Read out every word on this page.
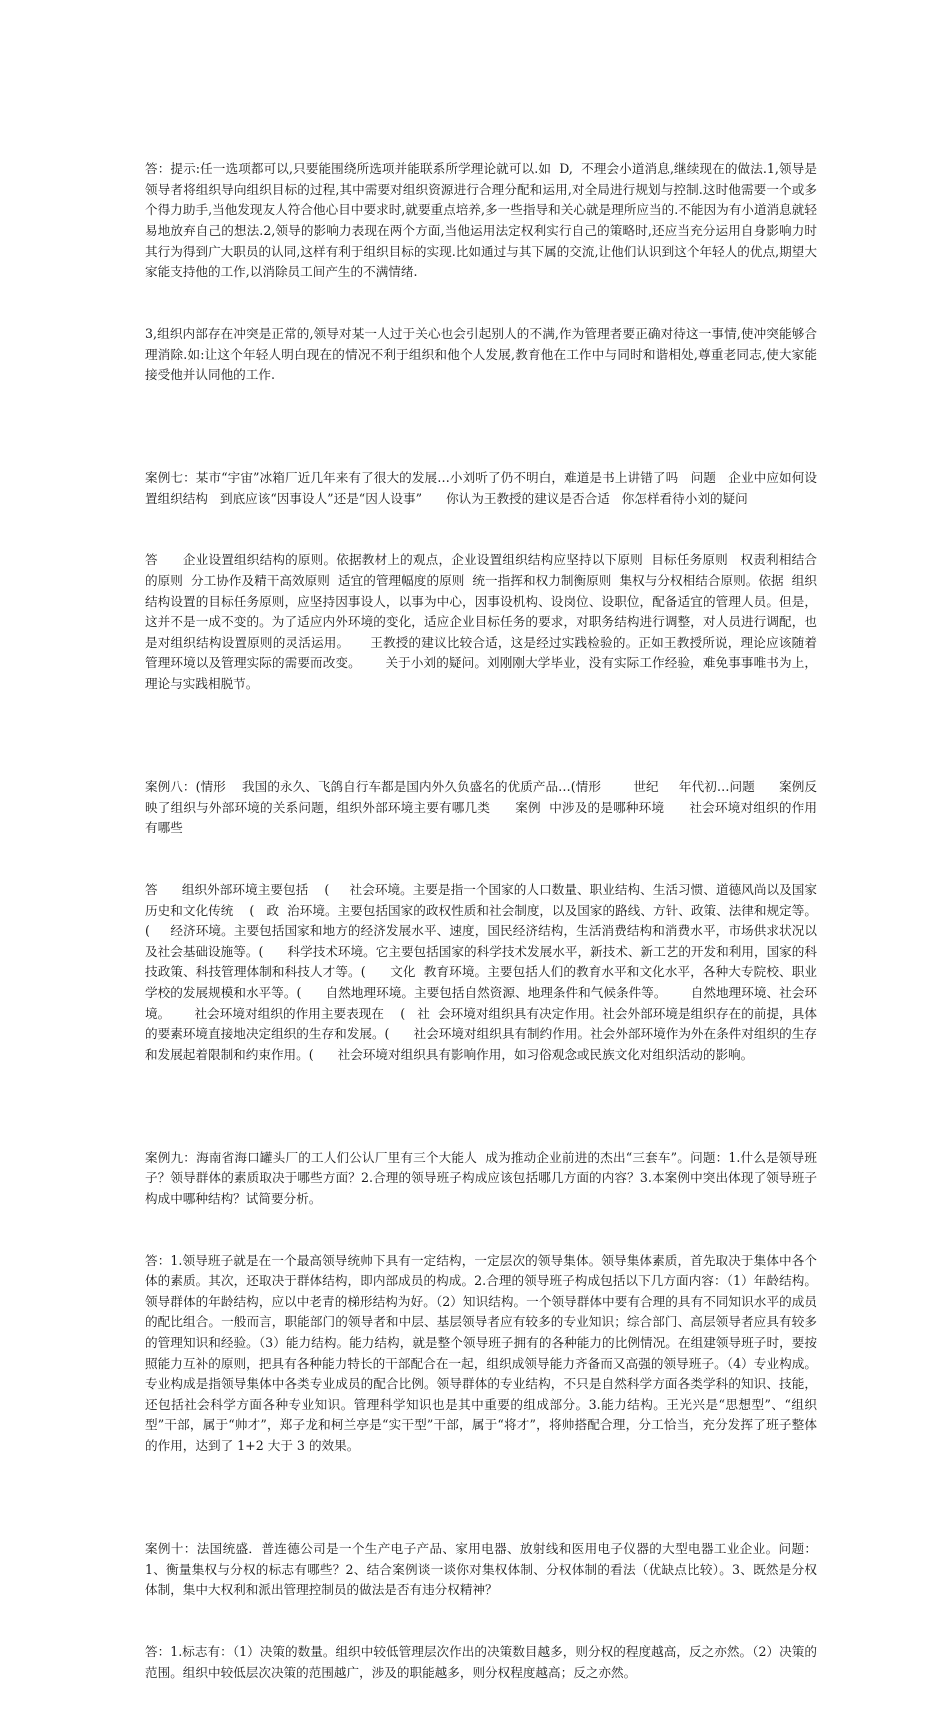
答：提示:任一选项都可以,只要能围绕所选项并能联系所学理论就可以.如  D,  不理会小道消息,继续现在的做法.1,领导是领导者将组织导向组织目标的过程,其中需要对组织资源进行合理分配和运用,对全局进行规划与控制.这时他需要一个或多个得力助手,当他发现友人符合他心目中要求时,就要重点培养,多一些指导和关心就是理所应当的.不能因为有小道消息就轻易地放弃自己的想法.2,领导的影响力表现在两个方面,当他运用法定权利实行自己的策略时,还应当充分运用自身影响力时其行为得到广大职员的认同,这样有利于组织目标的实现.比如通过与其下属的交流,让他们认识到这个年轻人的优点,期望大家能支持他的工作,以消除员工间产生的不满情绪.

3,组织内部存在冲突是正常的,领导对某一人过于关心也会引起别人的不满,作为管理者要正确对待这一事情,使冲突能够合理消除.如:让这个年轻人明白现在的情况不利于组织和他个人发展,教育他在工作中与同时和谐相处,尊重老同志,使大家能接受他并认同他的工作.

案例七：某市“宇宙”冰箱厂近几年来有了很大的发展…小刘听了仍不明白，难道是书上讲错了吗   问题   企业中应如何设置组织结构   到底应该“因事设人”还是“因人设事”      你认为王教授的建议是否合适   你怎样看待小刘的疑问

答      企业设置组织结构的原则。依据教材上的观点，企业设置组织结构应坚持以下原则  目标任务原则   权责利相结合的原则  分工协作及精干高效原则  适宜的管理幅度的原则  统一指挥和权力制衡原则  集权与分权相结合原则。依据  组织结构设置的目标任务原则，应坚持因事设人，以事为中心，因事设机构、设岗位、设职位，配备适宜的管理人员。但是，这并不是一成不变的。为了适应内外环境的变化，适应企业目标任务的要求，对职务结构进行调整，对人员进行调配，也是对组织结构设置原则的灵活运用。     王教授的建议比较合适，这是经过实践检验的。正如王教授所说，理论应该随着管理环境以及管理实际的需要而改变。      关于小刘的疑问。刘刚刚大学毕业，没有实际工作经验，难免事事唯书为上，理论与实践相脱节。

案例八：(情形    我国的永久、飞鸽自行车都是国内外久负盛名的优质产品…(情形        世纪     年代初…问题      案例反映了组织与外部环境的关系问题，组织外部环境主要有哪几类      案例  中涉及的是哪种环境      社会环境对组织的作用有哪些

答      组织外部环境主要包括    (     社会环境。主要是指一个国家的人口数量、职业结构、生活习惯、道德风尚以及国家历史和文化传统    (   政  治环境。主要包括国家的政权性质和社会制度，以及国家的路线、方针、政策、法律和规定等。(     经济环境。主要包括国家和地方的经济发展水平、速度，国民经济结构，生活消费结构和消费水平，市场供求状况以及社会基础设施等。(      科学技术环境。它主要包括国家的科学技术发展水平，新技术、新工艺的开发和利用，国家的科技政策、科技管理体制和科技人才等。(      文化  教育环境。主要包括人们的教育水平和文化水平，各种大专院校、职业学校的发展规模和水平等。(      自然地理环境。主要包括自然资源、地理条件和气候条件等。      自然地理环境、社会环境。      社会环境对组织的作用主要表现在    (   社  会环境对组织具有决定作用。社会外部环境是组织存在的前提，具体的要素环境直接地决定组织的生存和发展。(      社会环境对组织具有制约作用。社会外部环境作为外在条件对组织的生存和发展起着限制和约束作用。(      社会环境对组织具有影响作用，如习俗观念或民族文化对组织活动的影响。

案例九：海南省海口罐头厂的工人们公认厂里有三个大能人  成为推动企业前进的杰出“三套车”。问题：1.什么是领导班子？领导群体的素质取决于哪些方面？2.合理的领导班子构成应该包括哪几方面的内容？3.本案例中突出体现了领导班子构成中哪种结构？试简要分析。

答：1.领导班子就是在一个最高领导统帅下具有一定结构，一定层次的领导集体。领导集体素质，首先取决于集体中各个体的素质。其次，还取决于群体结构，即内部成员的构成。2.合理的领导班子构成包括以下几方面内容：（1）年龄结构。领导群体的年龄结构，应以中老青的梯形结构为好。（2）知识结构。一个领导群体中要有合理的具有不同知识水平的成员的配比组合。一般而言，职能部门的领导者和中层、基层领导者应有较多的专业知识；综合部门、高层领导者应具有较多的管理知识和经验。（3）能力结构。能力结构，就是整个领导班子拥有的各种能力的比例情况。在组建领导班子时，要按照能力互补的原则，把具有各种能力特长的干部配合在一起，组织成领导能力齐备而又高强的领导班子。（4）专业构成。专业构成是指领导集体中各类专业成员的配合比例。领导群体的专业结构，不只是自然科学方面各类学科的知识、技能，还包括社会科学方面各种专业知识。管理科学知识也是其中重要的组成部分。3.能力结构。王光兴是“思想型”、“组织型”干部，属于“帅才”，郑子龙和柯兰亭是“实干型”干部，属于“将才”，将帅搭配合理，分工恰当，充分发挥了班子整体的作用，达到了 1+2 大于 3 的效果。

案例十：法国统盛．普连德公司是一个生产电子产品、家用电器、放射线和医用电子仪器的大型电器工业企业。问题：1、衡量集权与分权的标志有哪些？2、结合案例谈一谈你对集权体制、分权体制的看法（优缺点比较）。3、既然是分权体制，集中大权利和派出管理控制员的做法是否有违分权精神？

答：1.标志有：（1）决策的数量。组织中较低管理层次作出的决策数目越多，则分权的程度越高，反之亦然。（2）决策的范围。组织中较低层次决策的范围越广，涉及的职能越多，则分权程度越高；反之亦然。
